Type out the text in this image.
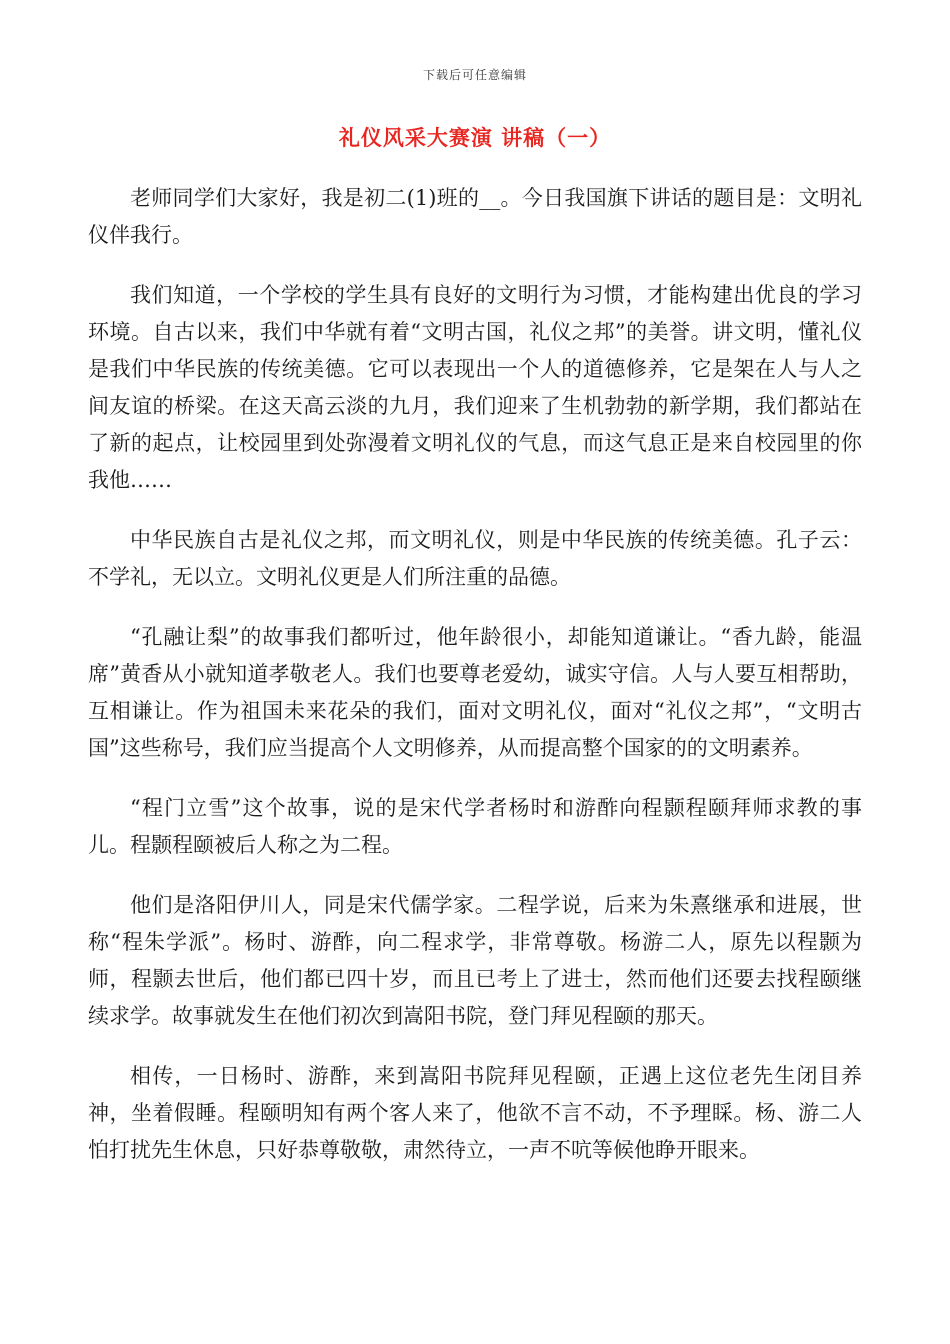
下载后可任意编辑
礼仪风采大赛演 讲稿（一）

老师同学们大家好，我是初二(1)班的__。今日我国旗下讲话的题目是：文明礼仪伴我行。

我们知道，一个学校的学生具有良好的文明行为习惯，才能构建出优良的学习环境。自古以来，我们中华就有着“文明古国，礼仪之邦”的美誉。讲文明，懂礼仪是我们中华民族的传统美德。它可以表现出一个人的道德修养，它是架在人与人之间友谊的桥梁。在这天高云淡的九月，我们迎来了生机勃勃的新学期，我们都站在了新的起点，让校园里到处弥漫着文明礼仪的气息，而这气息正是来自校园里的你我他……

中华民族自古是礼仪之邦，而文明礼仪，则是中华民族的传统美德。孔子云：不学礼，无以立。文明礼仪更是人们所注重的品德。

“孔融让梨”的故事我们都听过，他年龄很小，却能知道谦让。“香九龄，能温席”黄香从小就知道孝敬老人。我们也要尊老爱幼，诚实守信。人与人要互相帮助，互相谦让。作为祖国未来花朵的我们，面对文明礼仪，面对“礼仪之邦”，“文明古国”这些称号，我们应当提高个人文明修养，从而提高整个国家的的文明素养。

“程门立雪”这个故事，说的是宋代学者杨时和游酢向程颢程颐拜师求教的事儿。程颢程颐被后人称之为二程。

他们是洛阳伊川人，同是宋代儒学家。二程学说，后来为朱熹继承和进展，世称“程朱学派”。杨时、游酢，向二程求学，非常尊敬。杨游二人，原先以程颢为师，程颢去世后，他们都已四十岁，而且已考上了进士，然而他们还要去找程颐继续求学。故事就发生在他们初次到嵩阳书院，登门拜见程颐的那天。

相传，一日杨时、游酢，来到嵩阳书院拜见程颐，正遇上这位老先生闭目养神，坐着假睡。程颐明知有两个客人来了，他欲不言不动，不予理睬。杨、游二人怕打扰先生休息，只好恭尊敬敬，肃然待立，一声不吭等候他睁开眼来。
